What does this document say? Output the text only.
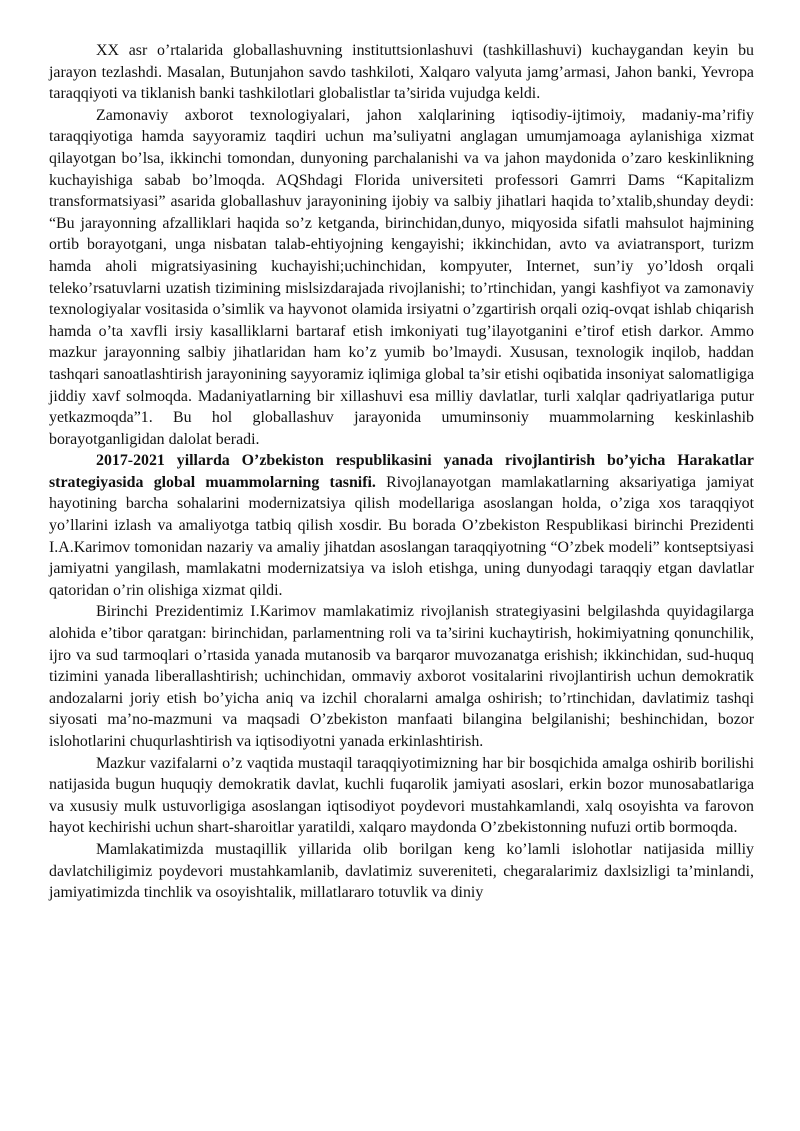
XX asr o’rtalarida globallashuvning instituttsionlashuvi (tashkillashuvi) kuchaygandan keyin bu jarayon tezlashdi. Masalan, Butunjahon savdo tashkiloti, Xalqaro valyuta jamg’armasi, Jahon banki, Yevropa taraqqiyoti va tiklanish banki tashkilotlari globalistlar ta’sirida vujudga keldi.

Zamonaviy axborot texnologiyalari, jahon xalqlarining iqtisodiy-ijtimoiy, madaniy-ma’rifiy taraqqiyotiga hamda sayyoramiz taqdiri uchun ma’suliyatni anglagan umumjamoaga aylanishiga xizmat qilayotgan bo’lsa, ikkinchi tomondan, dunyoning parchalanishi va va jahon maydonida o’zaro keskinlikning kuchayishiga sabab bo’lmoqda. AQShdagi Florida universiteti professori Gamrri Dams “Kapitalizm transformatsiyasi” asarida globallashuv jarayonining ijobiy va salbiy jihatlari haqida to’xtalib,shunday deydi: “Bu jarayonning afzalliklari haqida so’z ketganda, birinchidan,dunyo, miqyosida sifatli mahsulot hajmining ortib borayotgani, unga nisbatan talab-ehtiyojning kengayishi; ikkinchidan, avto va aviatransport, turizm hamda aholi migratsiyasining kuchayishi;uchinchidan, kompyuter, Internet, sun’iy yo’ldosh orqali teleko’rsatuvlarni uzatish tizimining mislsizdarajada rivojlanishi; to’rtinchidan, yangi kashfiyot va zamonaviy texnologiyalar vositasida o’simlik va hayvonot olamida irsiyatni o’zgartirish orqali oziq-ovqat ishlab chiqarish hamda o’ta xavfli irsiy kasalliklarni bartaraf etish imkoniyati tug’ilayotganini e’tirof etish darkor. Ammo mazkur jarayonning salbiy jihatlaridan ham ko’z yumib bo’lmaydi. Xususan, texnologik inqilob, haddan tashqari sanoatlashtirish jarayonining sayyoramiz iqlimiga global ta’sir etishi oqibatida insoniyat salomatligiga jiddiy xavf solmoqda. Madaniyatlarning bir xillashuvi esa milliy davlatlar, turli xalqlar qadriyatlariga putur yetkazmoqda”1. Bu hol globallashuv jarayonida umuminsoniy muammolarning keskinlashib borayotganligidan dalolat beradi.

2017-2021 yillarda O’zbekiston respublikasini yanada rivojlantirish bo’yicha Harakatlar strategiyasida global muammolarning tasnifi. Rivojlanayotgan mamlakatlarning aksariyatiga jamiyat hayotining barcha sohalarini modernizatsiya qilish modellariga asoslangan holda, o’ziga xos taraqqiyot yo’llarini izlash va amaliyotga tatbiq qilish xosdir. Bu borada O’zbekiston Respublikasi birinchi Prezidenti I.A.Karimov tomonidan nazariy va amaliy jihatdan asoslangan taraqqiyotning “O’zbek modeli” kontseptsiyasi jamiyatni yangilash, mamlakatni modernizatsiya va isloh etishga, uning dunyodagi taraqqiy etgan davlatlar qatoridan o’rin olishiga xizmat qildi.

Birinchi Prezidentimiz I.Karimov mamlakatimiz rivojlanish strategiyasini belgilashda quyidagilarga alohida e’tibor qaratgan: birinchidan, parlamentning roli va ta’sirini kuchaytirish, hokimiyatning qonunchilik, ijro va sud tarmoqlari o’rtasida yanada mutanosib va barqaror muvozanatga erishish; ikkinchidan, sud-huquq tizimini yanada liberallashtirish; uchinchidan, ommaviy axborot vositalarini rivojlantirish uchun demokratik andozalarni joriy etish bo’yicha aniq va izchil choralarni amalga oshirish; to’rtinchidan, davlatimiz tashqi siyosati ma’no-mazmuni va maqsadi O’zbekiston manfaati bilangina belgilanishi; beshinchidan, bozor islohotlarini chuqurlashtirish va iqtisodiyotni yanada erkinlashtirish.

Mazkur vazifalarni o’z vaqtida mustaqil taraqqiyotimizning har bir bosqichida amalga oshirib borilishi natijasida bugun huquqiy demokratik davlat, kuchli fuqarolik jamiyati asoslari, erkin bozor munosabatlariga va xususiy mulk ustuvorligiga asoslangan iqtisodiyot poydevori mustahkamlandi, xalq osoyishta va farovon hayot kechirishi uchun shart-sharoitlar yaratildi, xalqaro maydonda O’zbekistonning nufuzi ortib bormoqda.

Mamlakatimizda mustaqillik yillarida olib borilgan keng ko’lamli islohotlar natijasida milliy davlatchiligimiz poydevori mustahkamlanib, davlatimiz suvereniteti, chegaralarimiz daxlsizligi ta’minlandi, jamiyatimizda tinchlik va osoyishtalik, millatlararo totuvlik va diniy
